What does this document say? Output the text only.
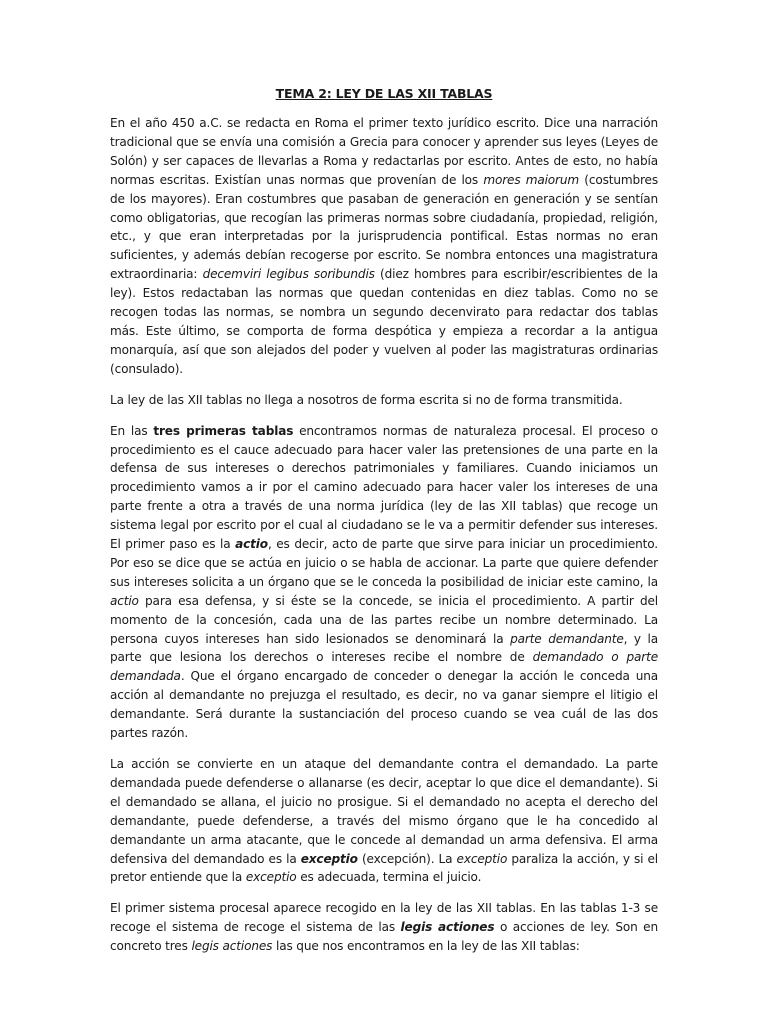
TEMA 2: LEY DE LAS XII TABLAS

En el año 450 a.C. se redacta en Roma el primer texto jurídico escrito. Dice una narración tradicional que se envía una comisión a Grecia para conocer y aprender sus leyes (Leyes de Solón) y ser capaces de llevarlas a Roma y redactarlas por escrito. Antes de esto, no había normas escritas. Existían unas normas que provenían de los mores maiorum (costumbres de los mayores). Eran costumbres que pasaban de generación en generación y se sentían como obligatorias, que recogían las primeras normas sobre ciudadanía, propiedad, religión, etc., y que eran interpretadas por la jurisprudencia pontifical. Estas normas no eran suficientes, y además debían recogerse por escrito. Se nombra entonces una magistratura extraordinaria: decemviri legibus soribundis (diez hombres para escribir/escribientes de la ley). Estos redactaban las normas que quedan contenidas en diez tablas. Como no se recogen todas las normas, se nombra un segundo decenvirato para redactar dos tablas más. Este último, se comporta de forma despótica y empieza a recordar a la antigua monarquía, así que son alejados del poder y vuelven al poder las magistraturas ordinarias (consulado).

La ley de las XII tablas no llega a nosotros de forma escrita si no de forma transmitida.

En las tres primeras tablas encontramos normas de naturaleza procesal. El proceso o procedimiento es el cauce adecuado para hacer valer las pretensiones de una parte en la defensa de sus intereses o derechos patrimoniales y familiares. Cuando iniciamos un procedimiento vamos a ir por el camino adecuado para hacer valer los intereses de una parte frente a otra a través de una norma jurídica (ley de las XII tablas) que recoge un sistema legal por escrito por el cual al ciudadano se le va a permitir defender sus intereses. El primer paso es la actio, es decir, acto de parte que sirve para iniciar un procedimiento. Por eso se dice que se actúa en juicio o se habla de accionar. La parte que quiere defender sus intereses solicita a un órgano que se le conceda la posibilidad de iniciar este camino, la actio para esa defensa, y si éste se la concede, se inicia el procedimiento. A partir del momento de la concesión, cada una de las partes recibe un nombre determinado. La persona cuyos intereses han sido lesionados se denominará la parte demandante, y la parte que lesiona los derechos o intereses recibe el nombre de demandado o parte demandada. Que el órgano encargado de conceder o denegar la acción le conceda una acción al demandante no prejuzga el resultado, es decir, no va ganar siempre el litigio el demandante. Será durante la sustanciación del proceso cuando se vea cuál de las dos partes razón.

La acción se convierte en un ataque del demandante contra el demandado. La parte demandada puede defenderse o allanarse (es decir, aceptar lo que dice el demandante). Si el demandado se allana, el juicio no prosigue. Si el demandado no acepta el derecho del demandante, puede defenderse, a través del mismo órgano que le ha concedido al demandante un arma atacante, que le concede al demandad un arma defensiva. El arma defensiva del demandado es la exceptio (excepción). La exceptio paraliza la acción, y si el pretor entiende que la exceptio es adecuada, termina el juicio.

El primer sistema procesal aparece recogido en la ley de las XII tablas. En las tablas 1-3 se recoge el sistema de recoge el sistema de las legis actiones o acciones de ley. Son en concreto tres legis actiones las que nos encontramos en la ley de las XII tablas:
